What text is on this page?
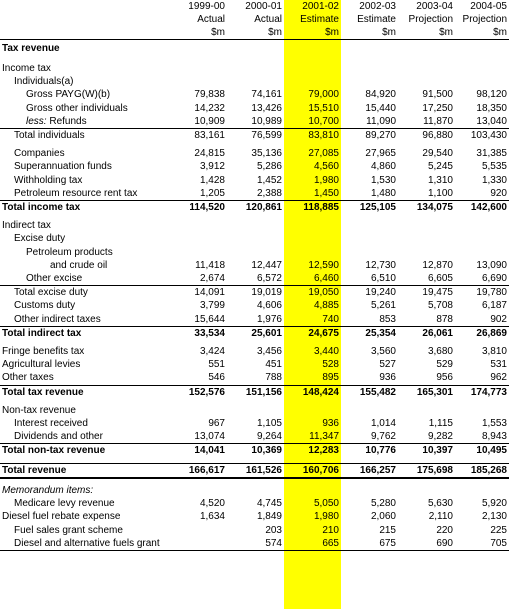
	1999-00	2000-01	2001-02	2002-03	2003-04	2004-05
	Actual	Actual	Estimate	Estimate	Projection	Projection
	$m	$m	$m	$m	$m	$m
Tax revenue						

Income tax						
Individuals(a)						
Gross PAYG(W)(b)	79,838	74,161	79,000	84,920	91,500	98,120
Gross other individuals	14,232	13,426	15,510	15,440	17,250	18,350
less: Refunds	10,909	10,989	10,700	11,090	11,870	13,040
Total individuals	83,161	76,599	83,810	89,270	96,880	103,430

Companies	24,815	35,136	27,085	27,965	29,540	31,385
Superannuation funds	3,912	5,286	4,560	4,860	5,245	5,535
Withholding tax	1,428	1,452	1,980	1,530	1,310	1,330
Petroleum resource rent tax	1,205	2,388	1,450	1,480	1,100	920
Total income tax	114,520	120,861	118,885	125,105	134,075	142,600

Indirect tax						
Excise duty						
Petroleum products						
and crude oil	11,418	12,447	12,590	12,730	12,870	13,090
Other excise	2,674	6,572	6,460	6,510	6,605	6,690
Total excise duty	14,091	19,019	19,050	19,240	19,475	19,780
Customs duty	3,799	4,606	4,885	5,261	5,708	6,187
Other indirect taxes	15,644	1,976	740	853	878	902
Total indirect tax	33,534	25,601	24,675	25,354	26,061	26,869

Fringe benefits tax	3,424	3,456	3,440	3,560	3,680	3,810
Agricultural levies	551	451	528	527	529	531
Other taxes	546	788	895	936	956	962
Total tax revenue	152,576	151,156	148,424	155,482	165,301	174,773

Non-tax revenue						
Interest received	967	1,105	936	1,014	1,115	1,553
Dividends and other	13,074	9,264	11,347	9,762	9,282	8,943
Total non-tax revenue	14,041	10,369	12,283	10,776	10,397	10,495

Total revenue	166,617	161,526	160,706	166,257	175,698	185,268

Memorandum items:						
Medicare levy revenue	4,520	4,745	5,050	5,280	5,630	5,920
Diesel fuel rebate expense	1,634	1,849	1,980	2,060	2,110	2,130
Fuel sales grant scheme		203	210	215	220	225
Diesel and alternative fuels grant		574	665	675	690	705
